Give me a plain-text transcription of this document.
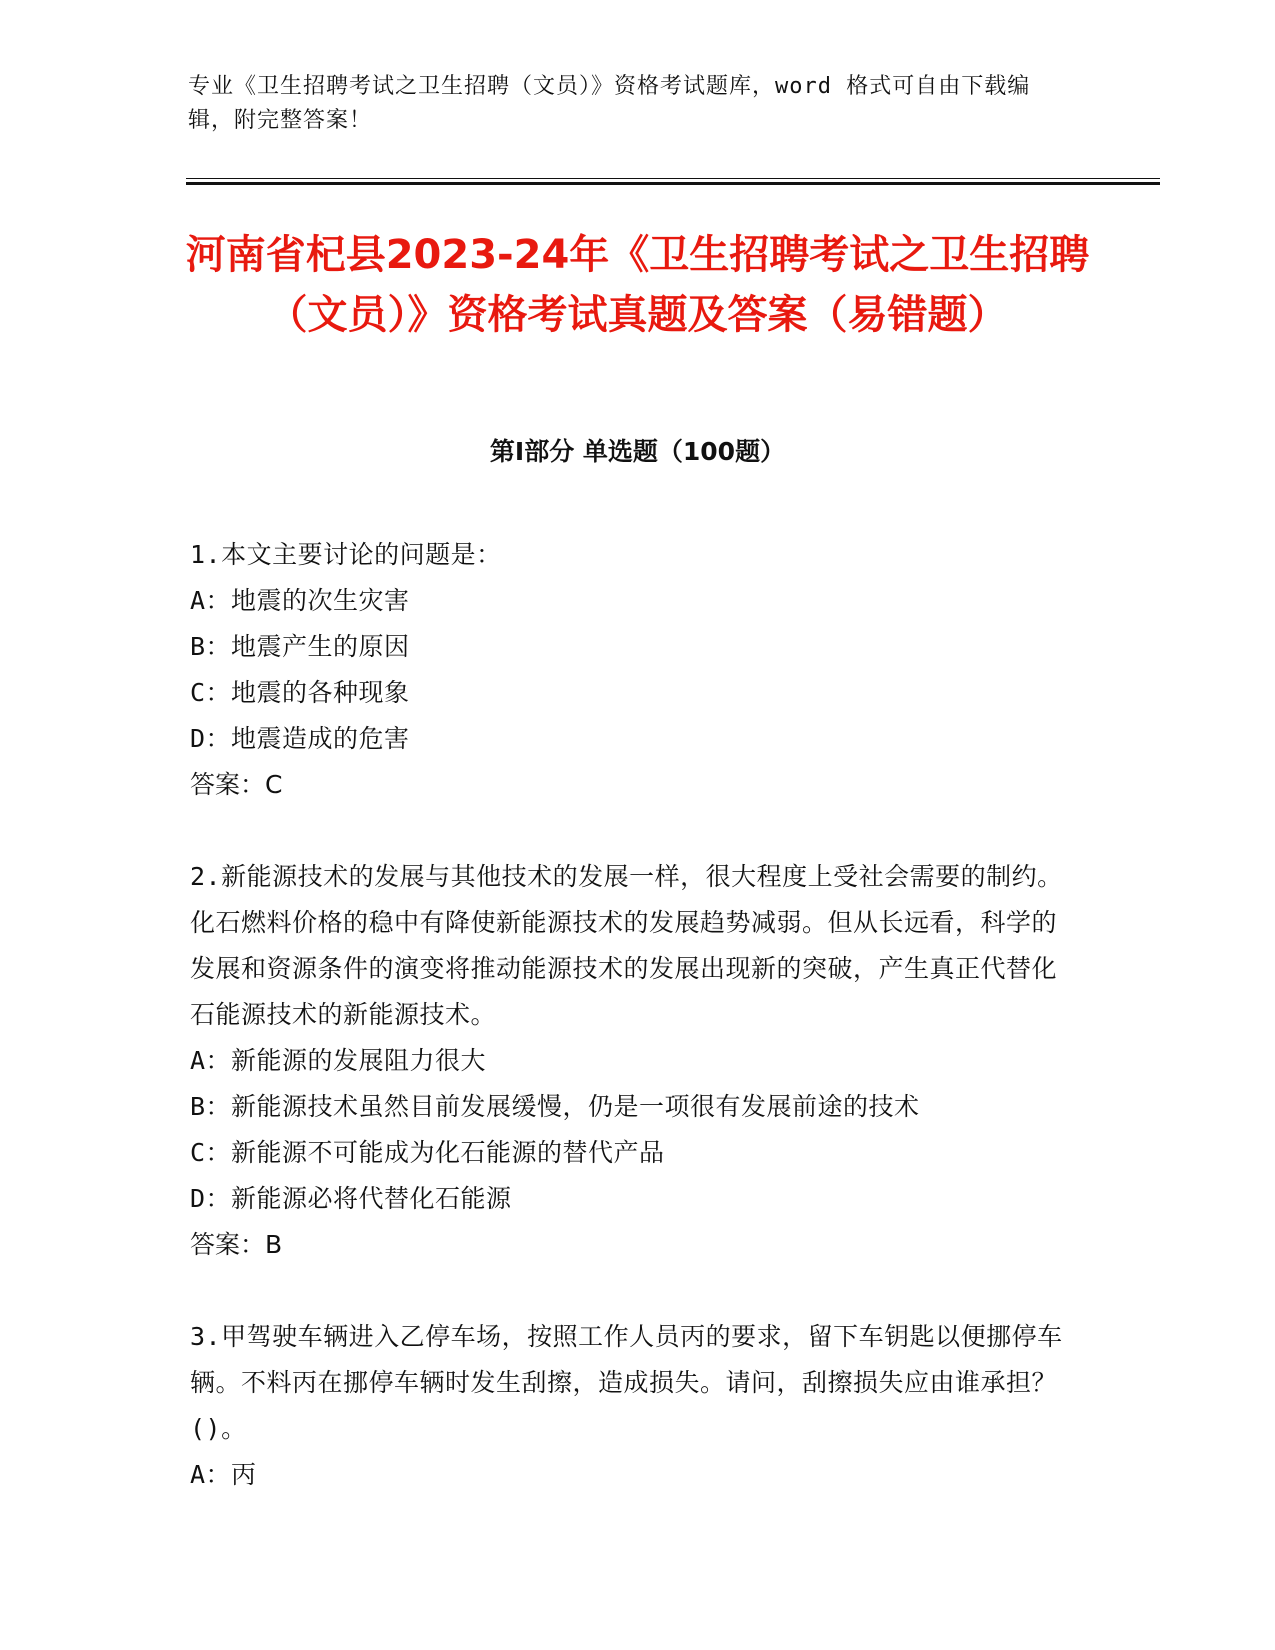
专业《卫生招聘考试之卫生招聘（文员）》资格考试题库，word 格式可自由下载编辑，附完整答案！
河南省杞县2023-24年《卫生招聘考试之卫生招聘（文员）》资格考试真题及答案（易错题）
第Ⅰ部分 单选题（100题）
1.本文主要讨论的问题是：
A：地震的次生灾害
B：地震产生的原因
C：地震的各种现象
D：地震造成的危害
答案：C
2.新能源技术的发展与其他技术的发展一样，很大程度上受社会需要的制约。化石燃料价格的稳中有降使新能源技术的发展趋势减弱。但从长远看，科学的发展和资源条件的演变将推动能源技术的发展出现新的突破，产生真正代替化石能源技术的新能源技术。
A：新能源的发展阻力很大
B：新能源技术虽然目前发展缓慢，仍是一项很有发展前途的技术
C：新能源不可能成为化石能源的替代产品
D：新能源必将代替化石能源
答案：B
3.甲驾驶车辆进入乙停车场，按照工作人员丙的要求，留下车钥匙以便挪停车辆。不料丙在挪停车辆时发生刮擦，造成损失。请问，刮擦损失应由谁承担？()。
A：丙
